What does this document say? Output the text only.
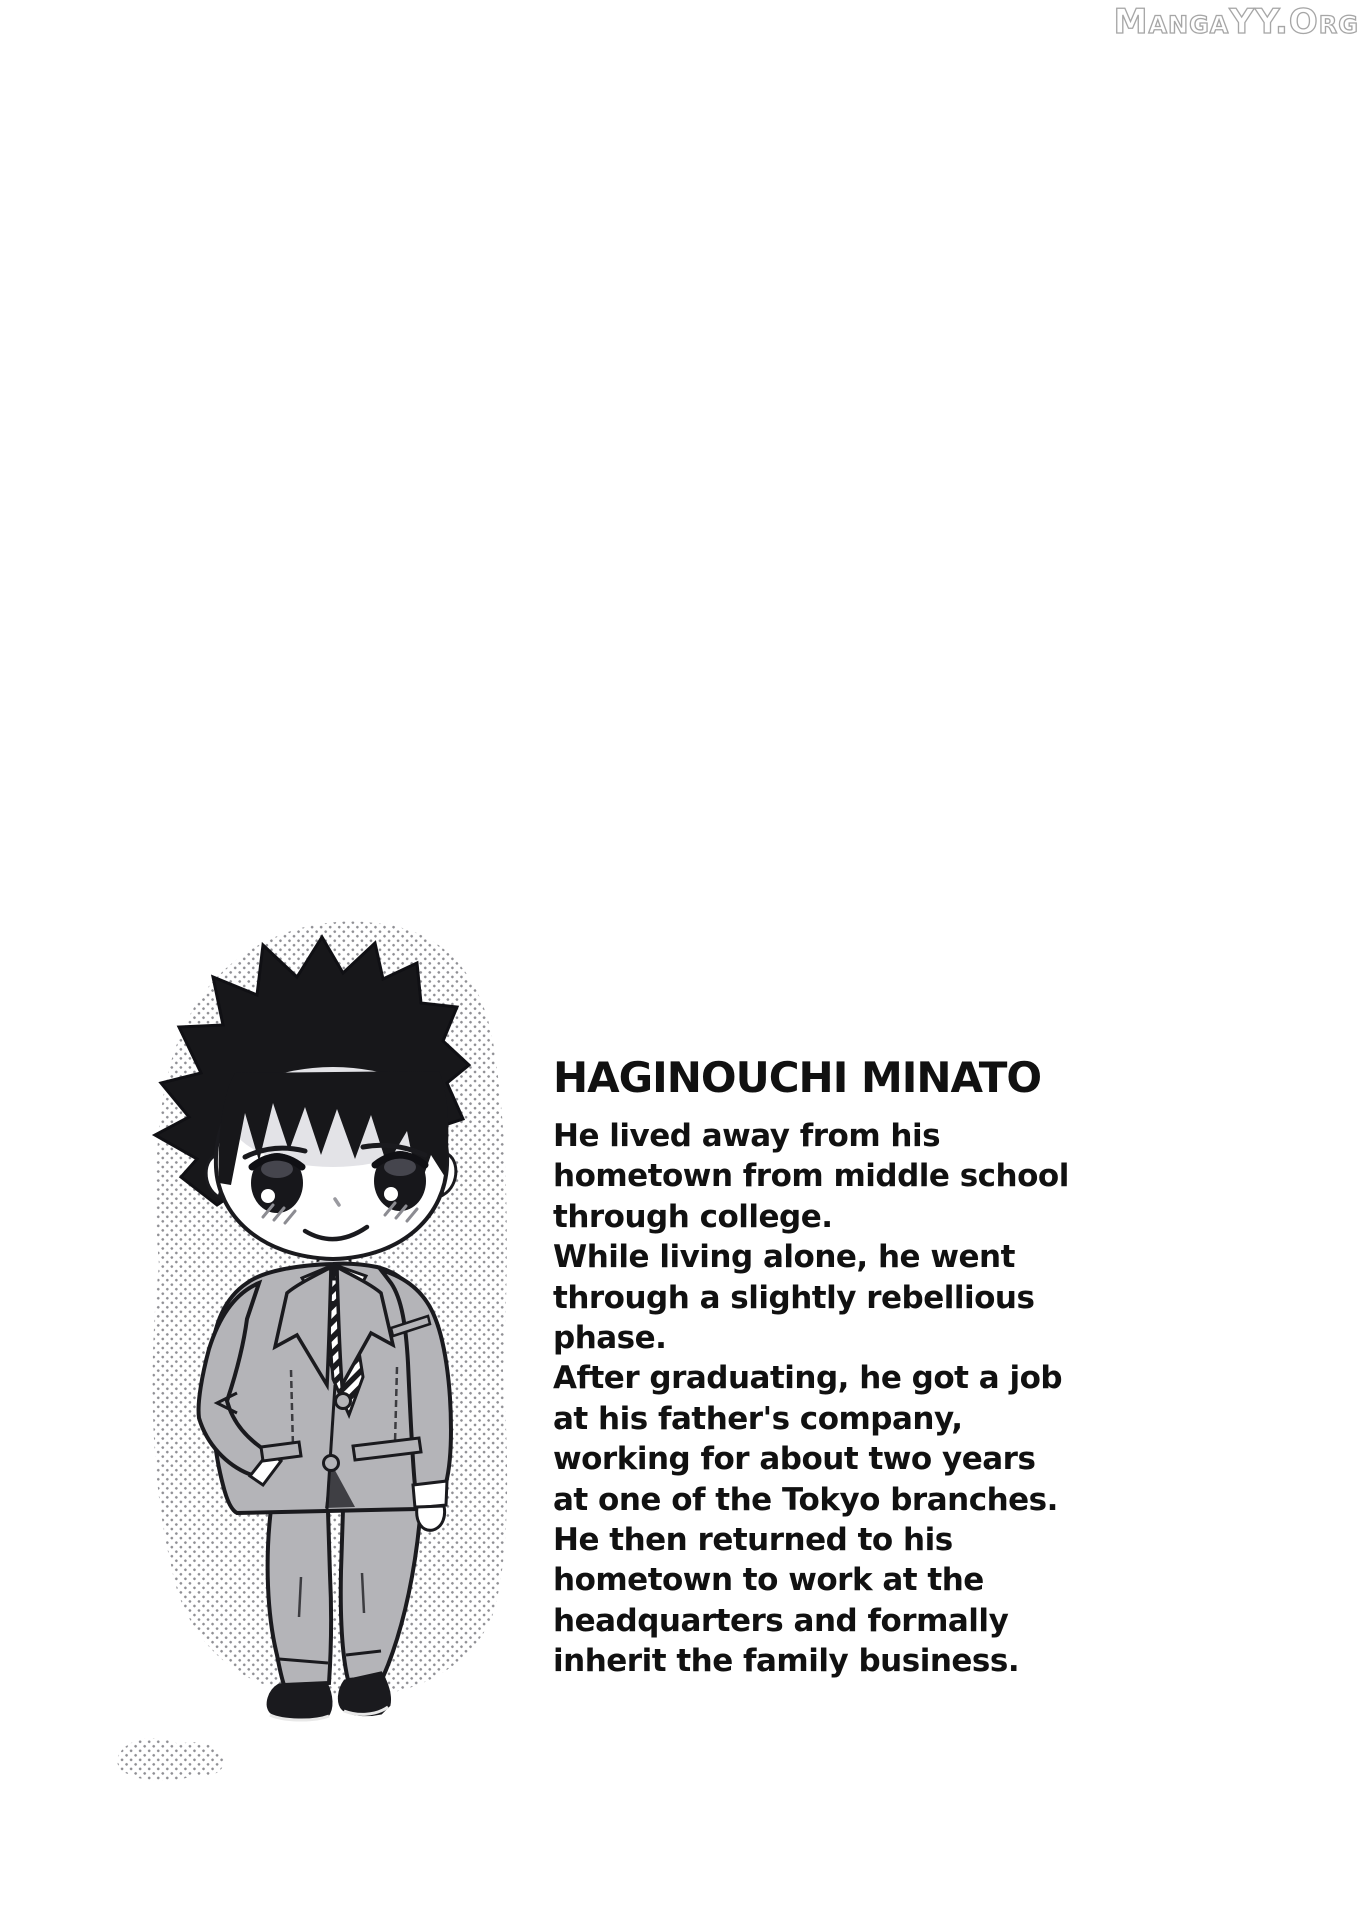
MangaYY.Org
HAGINOUCHI MINATO
He lived away from his
hometown from middle school
through college.
While living alone, he went
through a slightly rebellious
phase.
After graduating, he got a job
at his father's company,
working for about two years
at one of the Tokyo branches.
He then returned to his
hometown to work at the
headquarters and formally
inherit the family business.
